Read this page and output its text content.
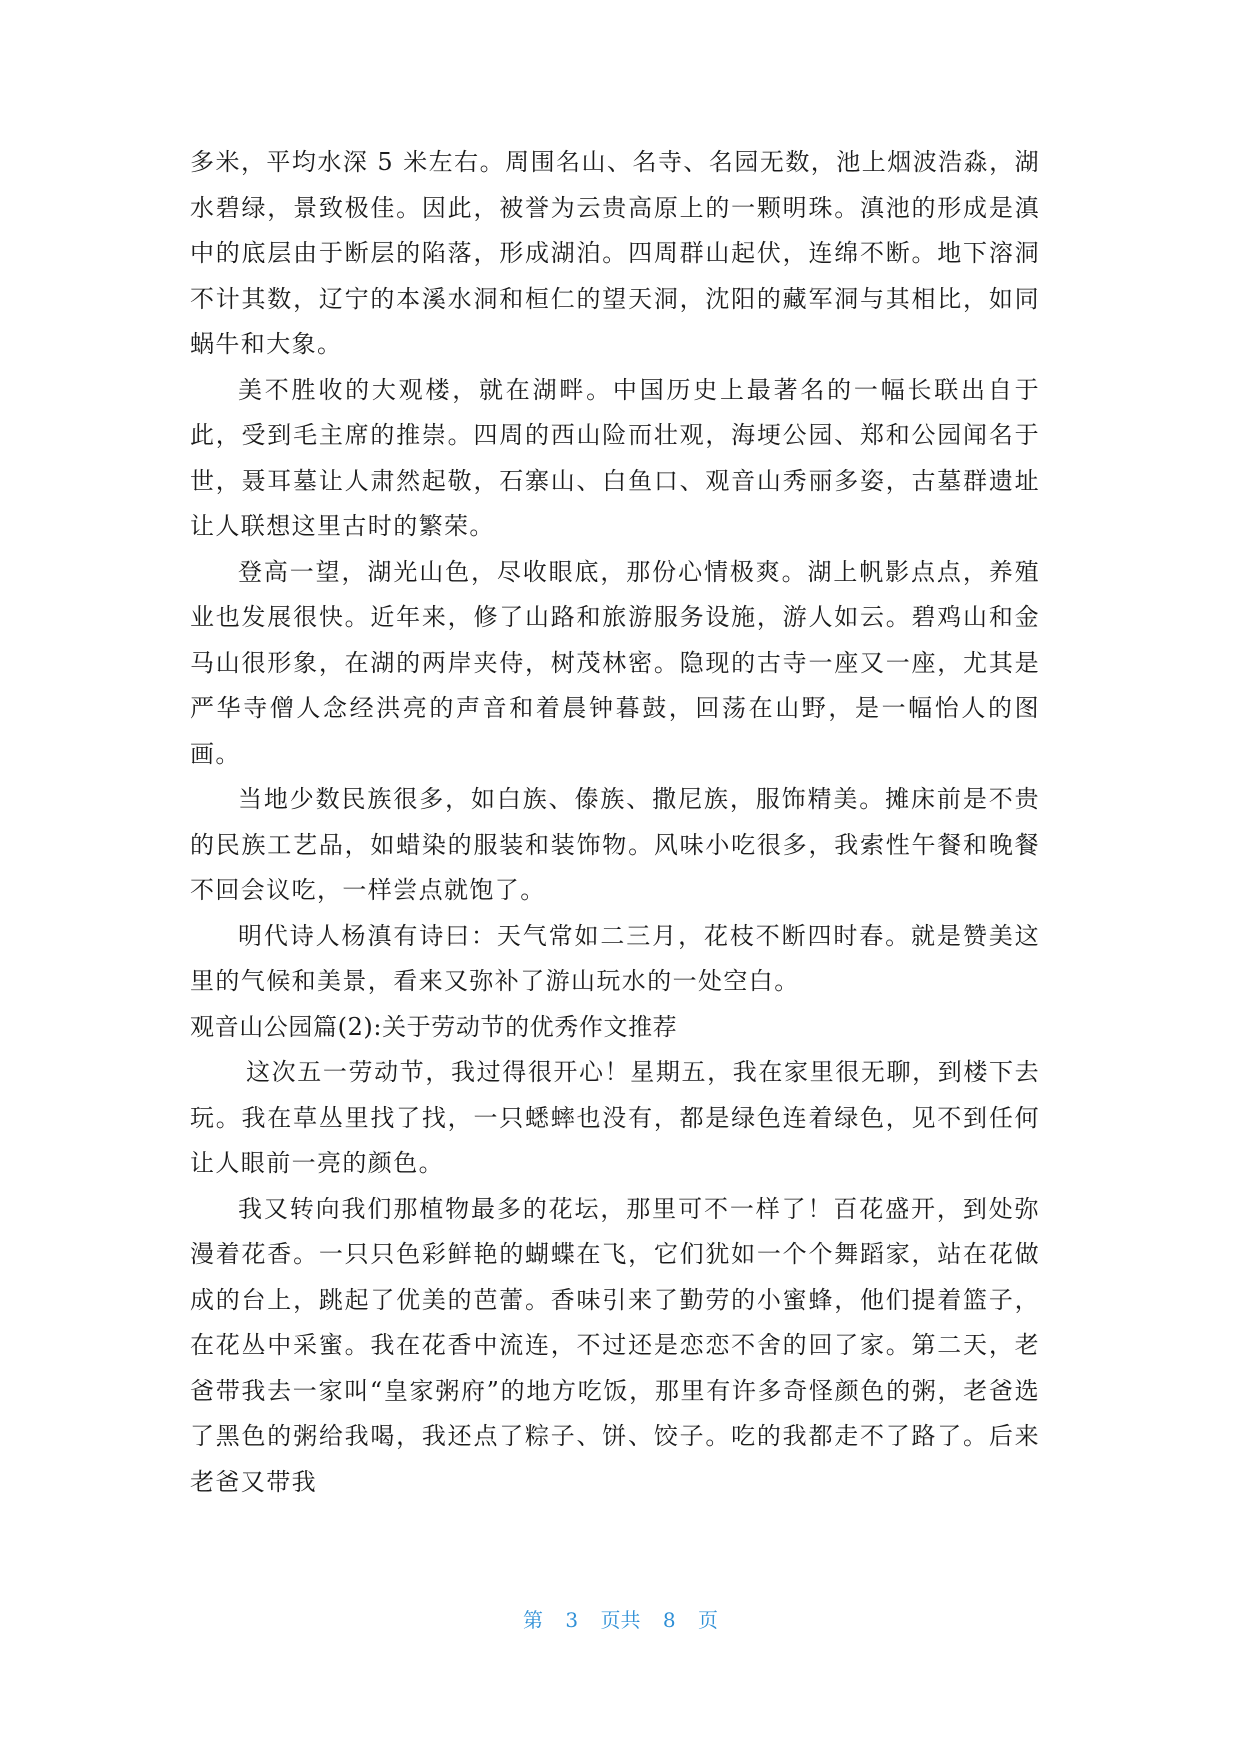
多米，平均水深 5 米左右。周围名山、名寺、名园无数，池上烟波浩淼，湖水碧绿，景致极佳。因此，被誉为云贵高原上的一颗明珠。滇池的形成是滇中的底层由于断层的陷落，形成湖泊。四周群山起伏，连绵不断。地下溶洞不计其数，辽宁的本溪水洞和桓仁的望天洞，沈阳的藏军洞与其相比，如同蜗牛和大象。

美不胜收的大观楼，就在湖畔。中国历史上最著名的一幅长联出自于此，受到毛主席的推崇。四周的西山险而壮观，海埂公园、郑和公园闻名于世，聂耳墓让人肃然起敬，石寨山、白鱼口、观音山秀丽多姿，古墓群遗址让人联想这里古时的繁荣。

登高一望，湖光山色，尽收眼底，那份心情极爽。湖上帆影点点，养殖业也发展很快。近年来，修了山路和旅游服务设施，游人如云。碧鸡山和金马山很形象，在湖的两岸夹侍，树茂林密。隐现的古寺一座又一座，尤其是严华寺僧人念经洪亮的声音和着晨钟暮鼓，回荡在山野，是一幅怡人的图画。

当地少数民族很多，如白族、傣族、撒尼族，服饰精美。摊床前是不贵的民族工艺品，如蜡染的服装和装饰物。风味小吃很多，我索性午餐和晚餐不回会议吃，一样尝点就饱了。

明代诗人杨滇有诗曰：天气常如二三月，花枝不断四时春。就是赞美这里的气候和美景，看来又弥补了游山玩水的一处空白。

观音山公园篇(2):关于劳动节的优秀作文推荐

这次五一劳动节，我过得很开心！星期五，我在家里很无聊，到楼下去玩。我在草丛里找了找，一只蟋蟀也没有，都是绿色连着绿色，见不到任何让人眼前一亮的颜色。

我又转向我们那植物最多的花坛，那里可不一样了！百花盛开，到处弥漫着花香。一只只色彩鲜艳的蝴蝶在飞，它们犹如一个个舞蹈家，站在花做成的台上，跳起了优美的芭蕾。香味引来了勤劳的小蜜蜂，他们提着篮子，在花丛中采蜜。我在花香中流连，不过还是恋恋不舍的回了家。第二天，老爸带我去一家叫“皇家粥府”的地方吃饭，那里有许多奇怪颜色的粥，老爸选了黑色的粥给我喝，我还点了粽子、饼、饺子。吃的我都走不了路了。后来老爸又带我

第 3 页共 8 页
